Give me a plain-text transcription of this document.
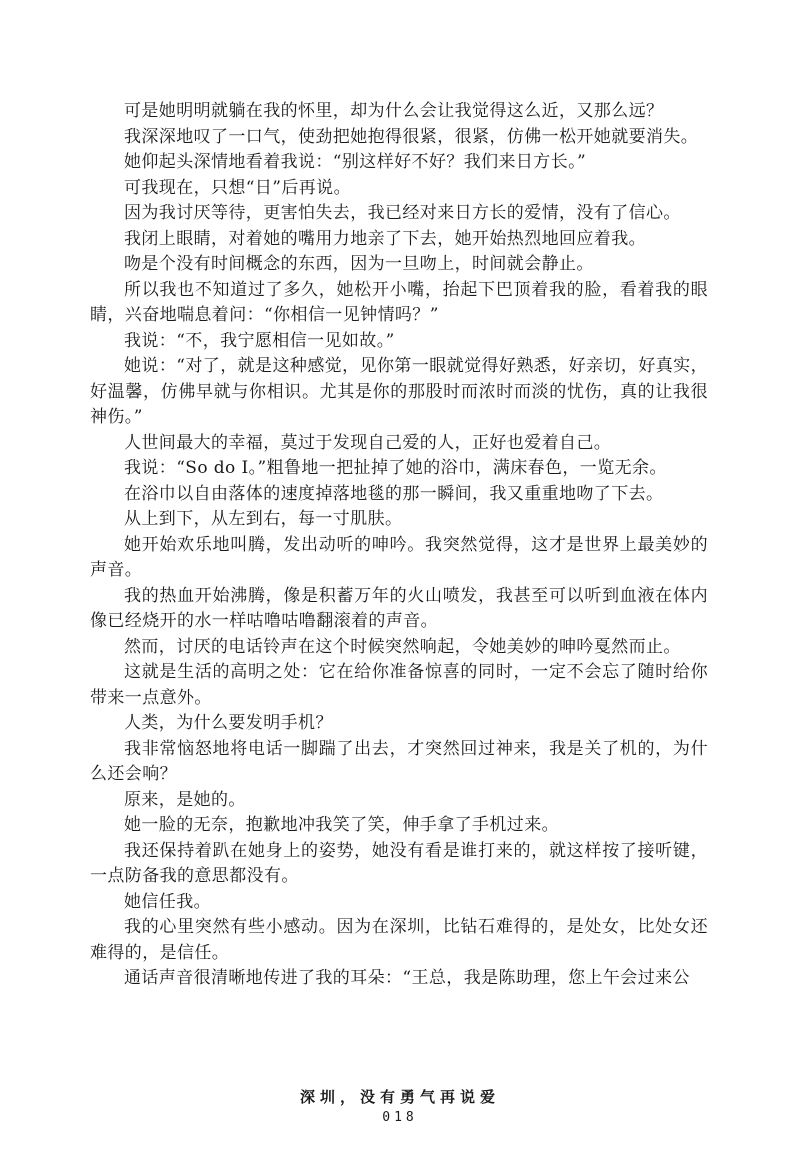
可是她明明就躺在我的怀里，却为什么会让我觉得这么近，又那么远？

我深深地叹了一口气，使劲把她抱得很紧，很紧，仿佛一松开她就要消失。

她仰起头深情地看着我说：“别这样好不好？我们来日方长。”

可我现在，只想“日”后再说。

因为我讨厌等待，更害怕失去，我已经对来日方长的爱情，没有了信心。

我闭上眼睛，对着她的嘴用力地亲了下去，她开始热烈地回应着我。

吻是个没有时间概念的东西，因为一旦吻上，时间就会静止。

所以我也不知道过了多久，她松开小嘴，抬起下巴顶着我的脸，看着我的眼睛，兴奋地喘息着问：“你相信一见钟情吗？”

我说：“不，我宁愿相信一见如故。”

她说：“对了，就是这种感觉，见你第一眼就觉得好熟悉，好亲切，好真实，好温馨，仿佛早就与你相识。尤其是你的那股时而浓时而淡的忧伤，真的让我很神伤。”

人世间最大的幸福，莫过于发现自己爱的人，正好也爱着自己。

我说：“So do I。”粗鲁地一把扯掉了她的浴巾，满床春色，一览无余。

在浴巾以自由落体的速度掉落地毯的那一瞬间，我又重重地吻了下去。

从上到下，从左到右，每一寸肌肤。

她开始欢乐地叫腾，发出动听的呻吟。我突然觉得，这才是世界上最美妙的声音。

我的热血开始沸腾，像是积蓄万年的火山喷发，我甚至可以听到血液在体内像已经烧开的水一样咕噜咕噜翻滚着的声音。

然而，讨厌的电话铃声在这个时候突然响起，令她美妙的呻吟戛然而止。

这就是生活的高明之处：它在给你准备惊喜的同时，一定不会忘了随时给你带来一点意外。

人类，为什么要发明手机？

我非常恼怒地将电话一脚踹了出去，才突然回过神来，我是关了机的，为什么还会响？

原来，是她的。

她一脸的无奈，抱歉地冲我笑了笑，伸手拿了手机过来。

我还保持着趴在她身上的姿势，她没有看是谁打来的，就这样按了接听键，一点防备我的意思都没有。

她信任我。

我的心里突然有些小感动。因为在深圳，比钻石难得的，是处女，比处女还难得的，是信任。

通话声音很清晰地传进了我的耳朵：“王总，我是陈助理，您上午会过来公

深圳，没有勇气再说爱
018
